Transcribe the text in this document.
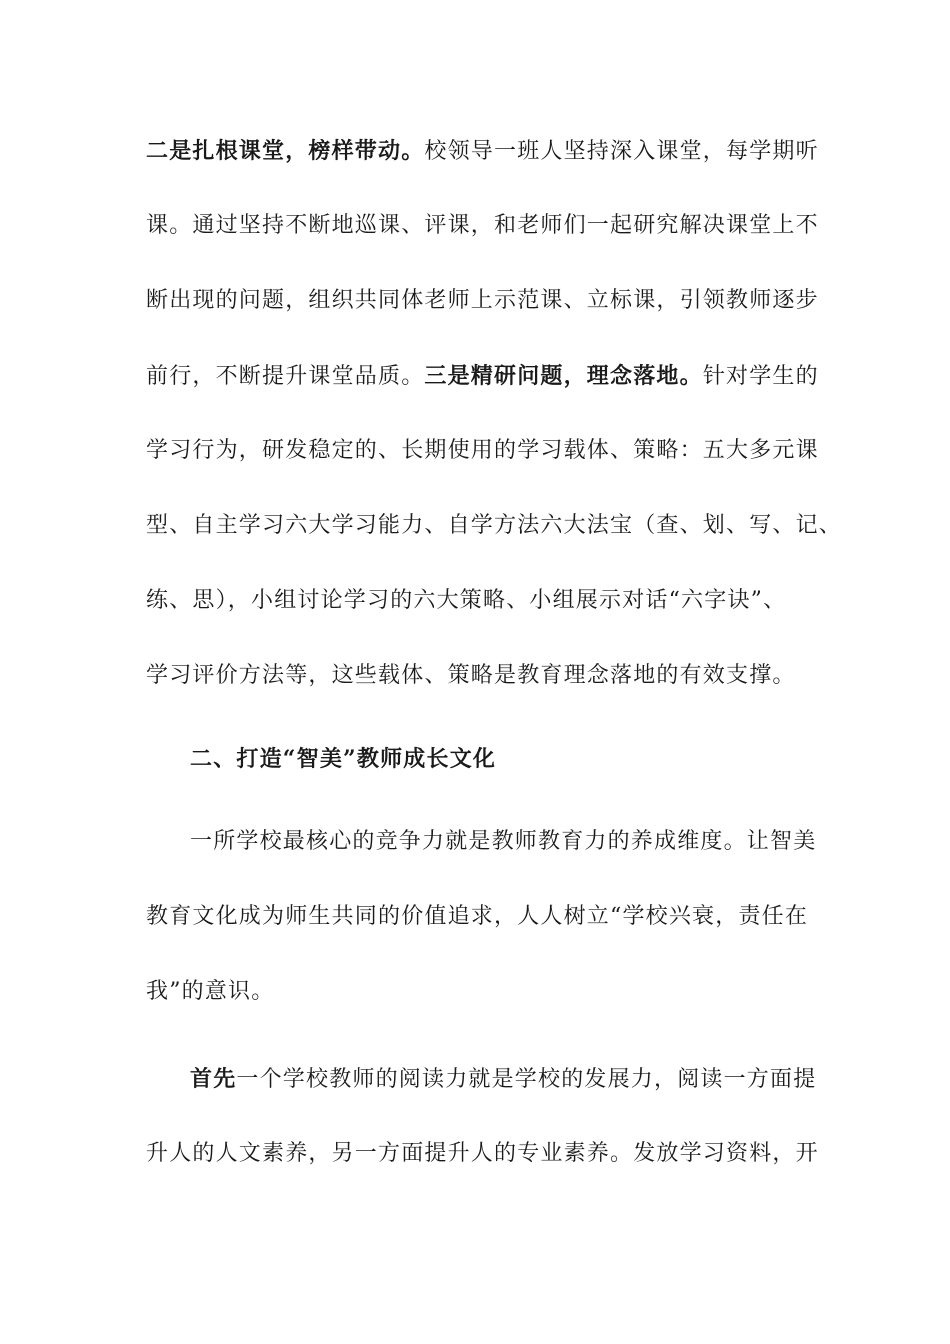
二是扎根课堂，榜样带动。校领导一班人坚持深入课堂，每学期听
课。通过坚持不断地巡课、评课，和老师们一起研究解决课堂上不
断出现的问题，组织共同体老师上示范课、立标课，引领教师逐步
前行，不断提升课堂品质。三是精研问题，理念落地。针对学生的
学习行为，研发稳定的、长期使用的学习载体、策略：五大多元课
型、自主学习六大学习能力、自学方法六大法宝（查、划、写、记、
练、思），小组讨论学习的六大策略、小组展示对话“六字诀”、
学习评价方法等，这些载体、策略是教育理念落地的有效支撑。
二、打造“智美”教师成长文化
一所学校最核心的竞争力就是教师教育力的养成维度。让智美
教育文化成为师生共同的价值追求，人人树立“学校兴衰，责任在
我”的意识。
首先一个学校教师的阅读力就是学校的发展力，阅读一方面提
升人的人文素养，另一方面提升人的专业素养。发放学习资料，开
